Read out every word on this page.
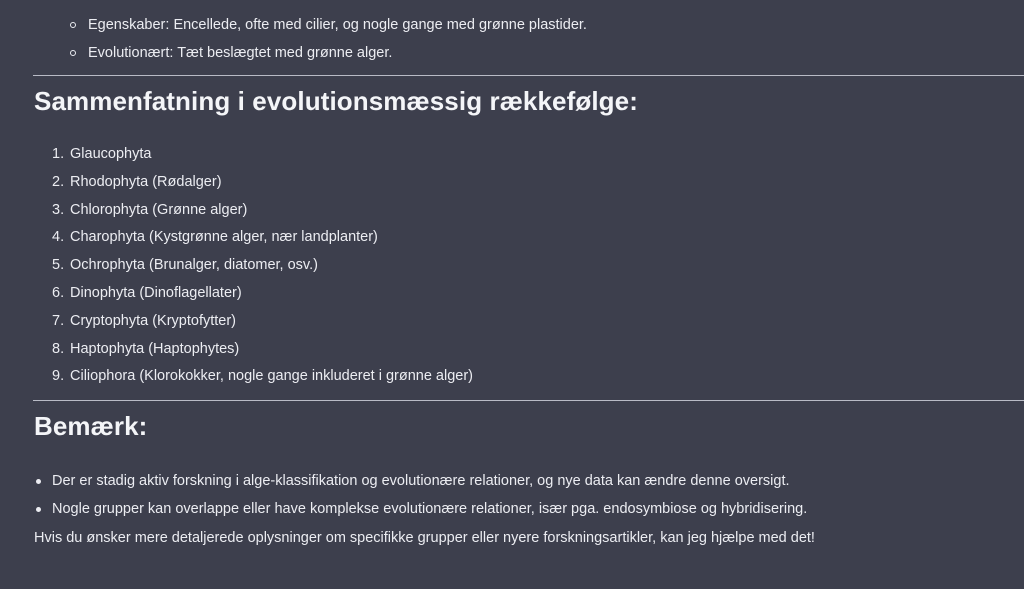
Egenskaber: Encellede, ofte med cilier, og nogle gange med grønne plastider.
Evolutionært: Tæt beslægtet med grønne alger.
Sammenfatning i evolutionsmæssig rækkefølge:
1. Glaucophyta
2. Rhodophyta (Rødalger)
3. Chlorophyta (Grønne alger)
4. Charophyta (Kystgrønne alger, nær landplanter)
5. Ochrophyta (Brunalger, diatomer, osv.)
6. Dinophyta (Dinoflagellater)
7. Cryptophyta (Kryptofytter)
8. Haptophyta (Haptophytes)
9. Ciliophora (Klorokokker, nogle gange inkluderet i grønne alger)
Bemærk:
Der er stadig aktiv forskning i alge-klassifikation og evolutionære relationer, og nye data kan ændre denne oversigt.
Nogle grupper kan overlappe eller have komplekse evolutionære relationer, især pga. endosymbiose og hybridisering.

Hvis du ønsker mere detaljerede oplysninger om specifikke grupper eller nyere forskningsartikler, kan jeg hjælpe med det!
